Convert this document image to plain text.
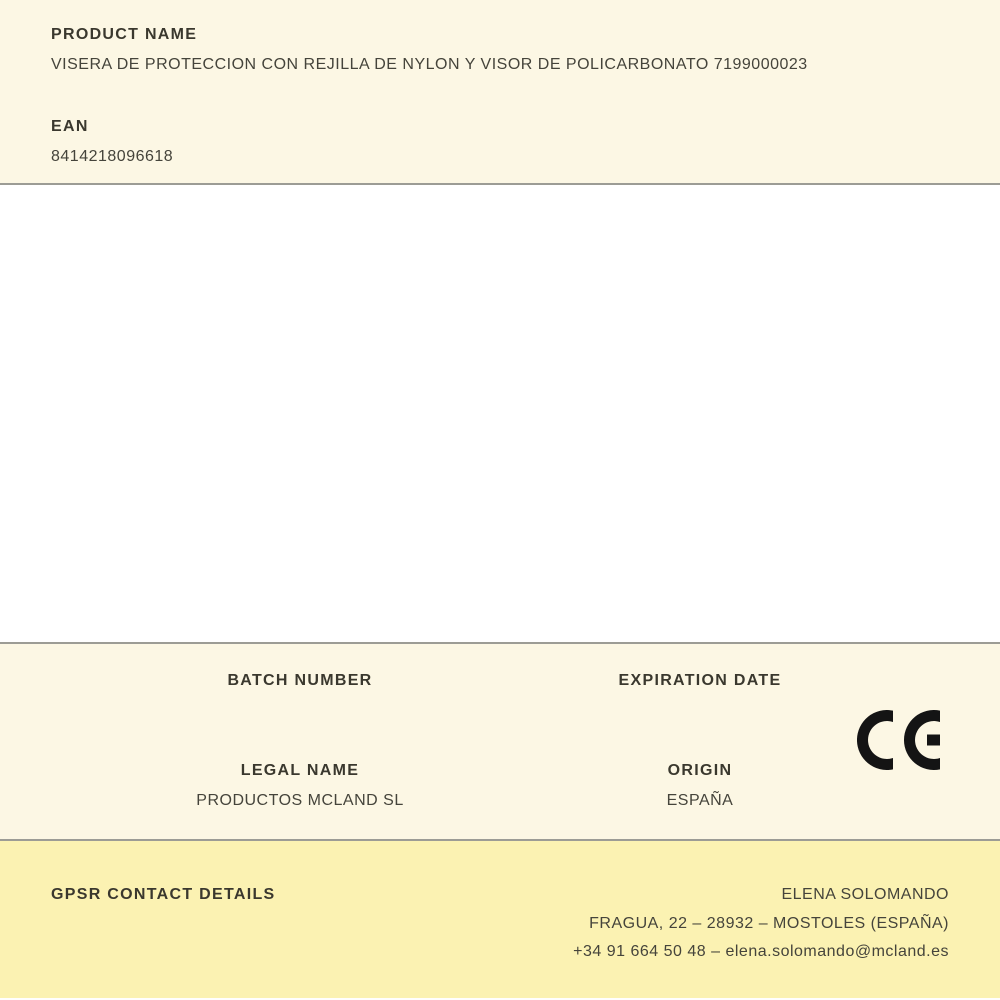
PRODUCT NAME
VISERA DE PROTECCION CON REJILLA DE NYLON Y VISOR DE POLICARBONATO 7199000023
EAN
8414218096618
BATCH NUMBER	EXPIRATION DATE
LEGAL NAME	ORIGIN
PRODUCTOS MCLAND SL	ESPAÑA
GPSR CONTACT DETAILS	ELENA SOLOMANDO
FRAGUA, 22 – 28932 – MOSTOLES (ESPAÑA)
+34 91 664 50 48 – elena.solomando@mcland.es
